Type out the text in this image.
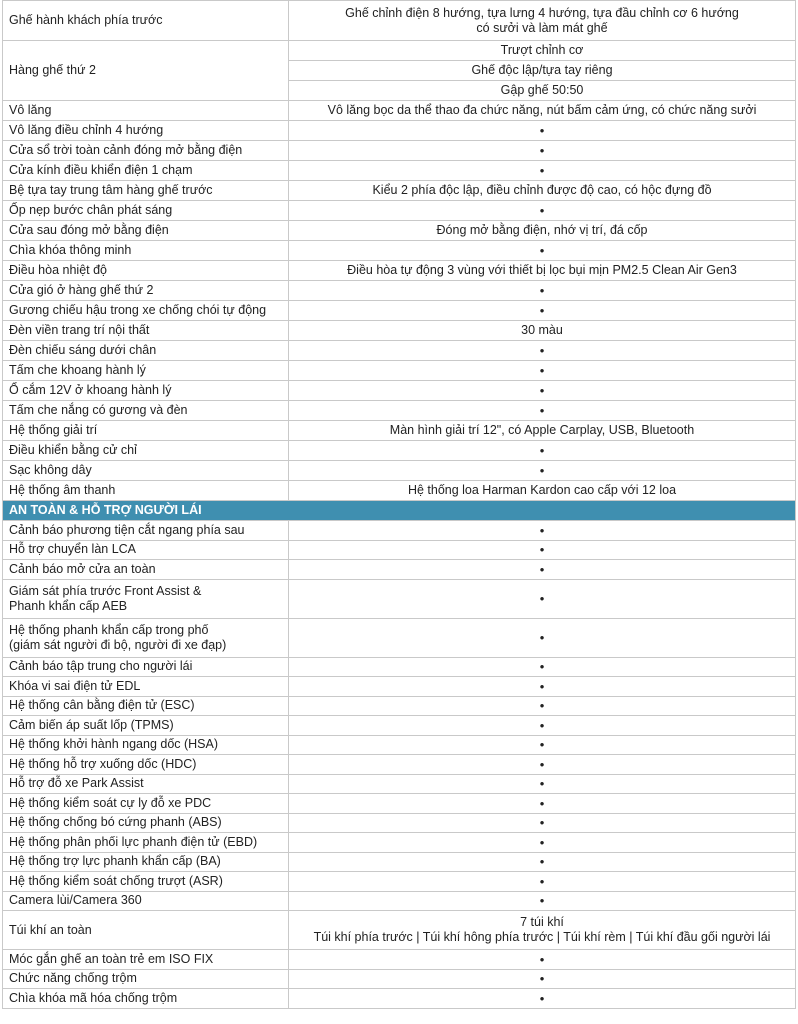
Ghế hành khách phía trước	Ghế chỉnh điện 8 hướng, tựa lưng 4 hướng, tựa đầu chỉnh cơ 6 hướng
có sưởi và làm mát ghế
Hàng ghế thứ 2	Trượt chỉnh cơ
	Ghế độc lập/tựa tay riêng
	Gập ghế 50:50
Vô lăng	Vô lăng bọc da thể thao đa chức năng, nút bấm cảm ứng, có chức năng sưởi
Vô lăng điều chỉnh 4 hướng	•
Cửa sổ trời toàn cảnh đóng mở bằng điện	•
Cửa kính điều khiển điện 1 chạm	•
Bệ tựa tay trung tâm hàng ghế trước	Kiểu 2 phía độc lập, điều chỉnh được độ cao, có hộc đựng đồ
Ốp nẹp bước chân phát sáng	•
Cửa sau đóng mở bằng điện	Đóng mở bằng điện, nhớ vị trí, đá cốp
Chìa khóa thông minh	•
Điều hòa nhiệt độ	Điều hòa tự động 3 vùng với thiết bị lọc bụi mịn PM2.5 Clean Air Gen3
Cửa gió ở hàng ghế thứ 2	•
Gương chiếu hậu trong xe chống chói tự động	•
Đèn viền trang trí nội thất	30 màu
Đèn chiếu sáng dưới chân	•
Tấm che khoang hành lý	•
Ổ cắm 12V ở khoang hành lý	•
Tấm che nắng có gương và đèn	•
Hệ thống giải trí	Màn hình giải trí 12", có Apple Carplay, USB, Bluetooth
Điều khiển bằng cử chỉ	•
Sạc không dây	•
Hệ thống âm thanh	Hệ thống loa Harman Kardon cao cấp với 12 loa
AN TOÀN & HỖ TRỢ NGƯỜI LÁI	
Cảnh báo phương tiện cắt ngang phía sau	•
Hỗ trợ chuyển làn LCA	•
Cảnh báo mở cửa an toàn	•
Giám sát phía trước Front Assist &
Phanh khẩn cấp AEB	•
Hệ thống phanh khẩn cấp trong phố
(giám sát người đi bộ, người đi xe đạp)	•
Cảnh báo tập trung cho người lái	•
Khóa vi sai điện tử EDL	•
Hệ thống cân bằng điện tử (ESC)	•
Cảm biến áp suất lốp (TPMS)	•
Hệ thống khởi hành ngang dốc (HSA)	•
Hệ thống hỗ trợ xuống dốc (HDC)	•
Hỗ trợ đỗ xe Park Assist	•
Hệ thống kiểm soát cự ly đỗ xe PDC	•
Hệ thống chống bó cứng phanh (ABS)	•
Hệ thống phân phối lực phanh điện tử (EBD)	•
Hệ thống trợ lực phanh khẩn cấp (BA)	•
Hệ thống kiểm soát chống trượt (ASR)	•
Camera lùi/Camera 360	•
Túi khí an toàn	7 túi khí
Túi khí phía trước | Túi khí hông phía trước | Túi khí rèm | Túi khí đầu gối người lái
Móc gắn ghế an toàn trẻ em ISO FIX	•
Chức năng chống trộm	•
Chìa khóa mã hóa chống trộm	•
